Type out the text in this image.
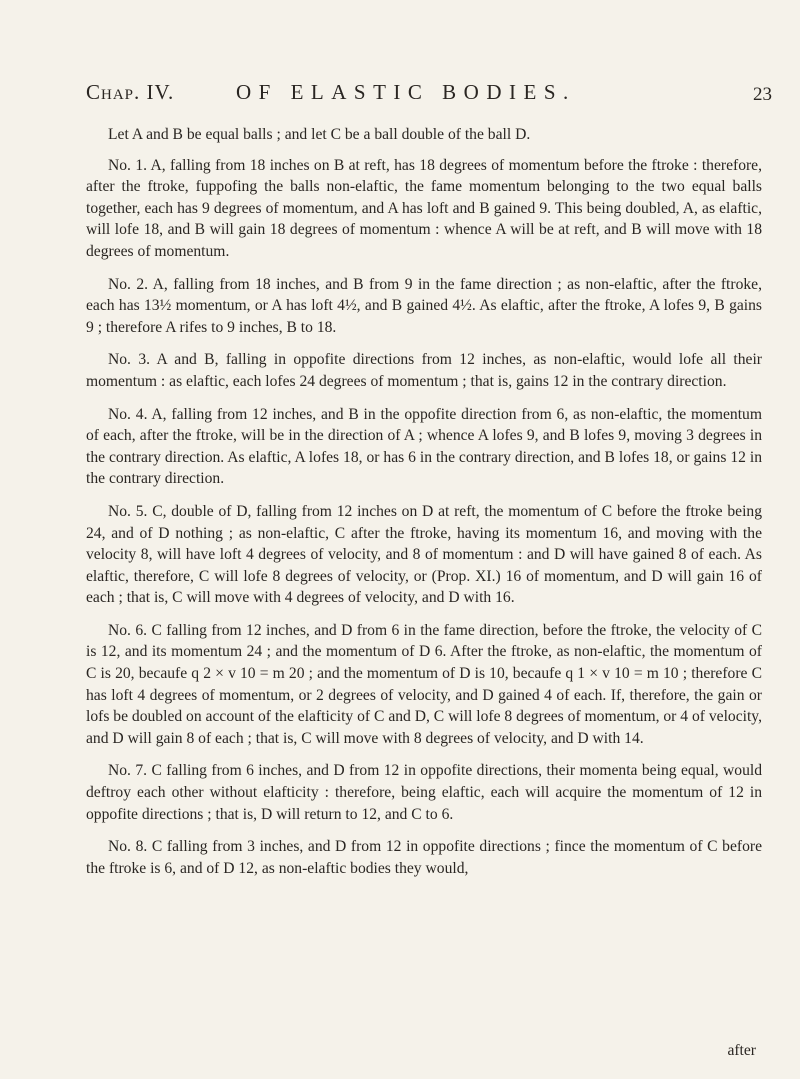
Chap. IV.	OF ELASTIC BODIES.	23

Let A and B be equal balls ; and let C be a ball double of the ball D.

No. 1. A, falling from 18 inches on B at reft, has 18 degrees of momentum before the ftroke : therefore, after the ftroke, fuppofing the balls non-elaftic, the fame momentum belonging to the two equal balls together, each has 9 degrees of momentum, and A has loft and B gained 9. This being doubled, A, as elaftic, will lofe 18, and B will gain 18 degrees of momentum : whence A will be at reft, and B will move with 18 degrees of momentum.

No. 2. A, falling from 18 inches, and B from 9 in the fame direction ; as non-elaftic, after the ftroke, each has 13½ momentum, or A has loft 4½, and B gained 4½. As elaftic, after the ftroke, A lofes 9, B gains 9 ; therefore A rifes to 9 inches, B to 18.

No. 3. A and B, falling in oppofite directions from 12 inches, as non-elaftic, would lofe all their momentum : as elaftic, each lofes 24 degrees of momentum ; that is, gains 12 in the contrary direction.

No. 4. A, falling from 12 inches, and B in the oppofite direction from 6, as non-elaftic, the momentum of each, after the ftroke, will be in the direction of A ; whence A lofes 9, and B lofes 9, moving 3 degrees in the contrary direction. As elaftic, A lofes 18, or has 6 in the contrary direction, and B lofes 18, or gains 12 in the contrary direction.

No. 5. C, double of D, falling from 12 inches on D at reft, the momentum of C before the ftroke being 24, and of D nothing ; as non-elaftic, C after the ftroke, having its momentum 16, and moving with the velocity 8, will have loft 4 degrees of velocity, and 8 of momentum : and D will have gained 8 of each. As elaftic, therefore, C will lofe 8 degrees of velocity, or (Prop. XI.) 16 of momentum, and D will gain 16 of each ; that is, C will move with 4 degrees of velocity, and D with 16.

No. 6. C falling from 12 inches, and D from 6 in the fame direction, before the ftroke, the velocity of C is 12, and its momentum 24 ; and the momentum of D 6. After the ftroke, as non-elaftic, the momentum of C is 20, becaufe q 2 × v 10 = m 20 ; and the momentum of D is 10, becaufe q 1 × v 10 = m 10 ; therefore C has loft 4 degrees of momentum, or 2 degrees of velocity, and D gained 4 of each. If, therefore, the gain or lofs be doubled on account of the elafticity of C and D, C will lofe 8 degrees of momentum, or 4 of velocity, and D will gain 8 of each ; that is, C will move with 8 degrees of velocity, and D with 14.

No. 7. C falling from 6 inches, and D from 12 in oppofite directions, their momenta being equal, would deftroy each other without elafticity : therefore, being elaftic, each will acquire the momentum of 12 in oppofite directions ; that is, D will return to 12, and C to 6.

No. 8. C falling from 3 inches, and D from 12 in oppofite directions ; fince the momentum of C before the ftroke is 6, and of D 12, as non-elaftic bodies they would,

after
